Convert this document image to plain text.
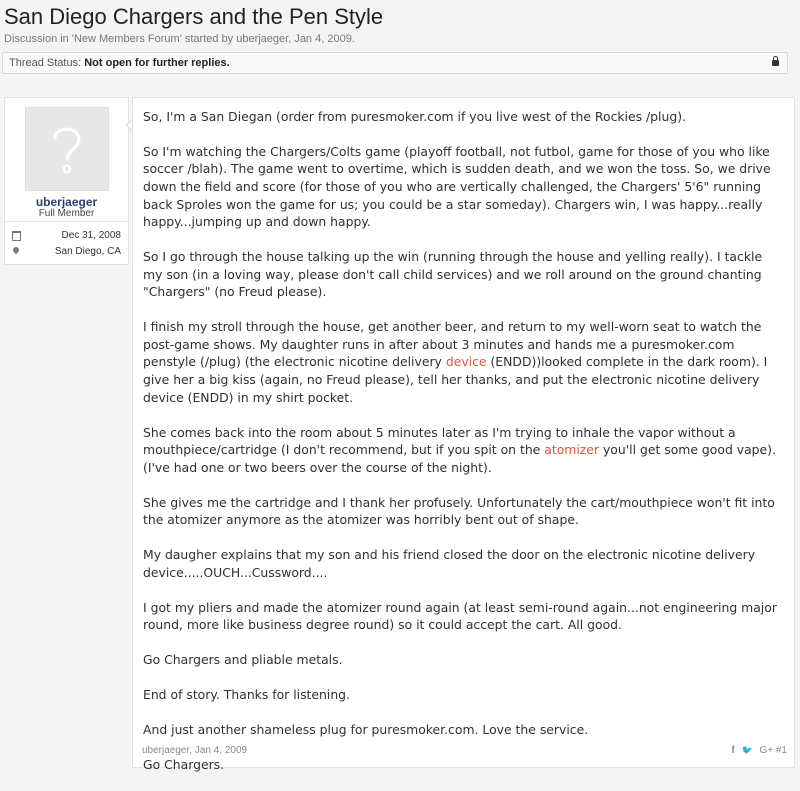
San Diego Chargers and the Pen Style
Discussion in 'New Members Forum' started by uberjaeger, Jan 4, 2009.
Thread Status: Not open for further replies.
uberjaeger
Full Member
Dec 31, 2008
San Diego, CA

So, I'm a San Diegan (order from puresmoker.com if you live west of the Rockies /plug).

So I'm watching the Chargers/Colts game (playoff football, not futbol, game for those of you who like soccer /blah). The game went to overtime, which is sudden death, and we won the toss. So, we drive down the field and score (for those of you who are vertically challenged, the Chargers' 5'6" running back Sproles won the game for us; you could be a star someday). Chargers win, I was happy...really happy...jumping up and down happy.

So I go through the house talking up the win (running through the house and yelling really). I tackle my son (in a loving way, please don't call child services) and we roll around on the ground chanting "Chargers" (no Freud please).

I finish my stroll through the house, get another beer, and return to my well-worn seat to watch the post-game shows. My daughter runs in after about 3 minutes and hands me a puresmoker.com penstyle (/plug) (the electronic nicotine delivery device (ENDD))looked complete in the dark room). I give her a big kiss (again, no Freud please), tell her thanks, and put the electronic nicotine delivery device (ENDD) in my shirt pocket.

She comes back into the room about 5 minutes later as I'm trying to inhale the vapor without a mouthpiece/cartridge (I don't recommend, but if you spit on the atomizer you'll get some good vape). (I've had one or two beers over the course of the night).

She gives me the cartridge and I thank her profusely. Unfortunately the cart/mouthpiece won't fit into the atomizer anymore as the atomizer was horribly bent out of shape.

My daugher explains that my son and his friend closed the door on the electronic nicotine delivery device.....OUCH...Cussword....

I got my pliers and made the atomizer round again (at least semi-round again...not engineering major round, more like business degree round) so it could accept the cart. All good.

Go Chargers and pliable metals.

End of story. Thanks for listening.

And just another shameless plug for puresmoker.com. Love the service.

Go Chargers.

uberjaeger, Jan 4, 2009	f 🐦 G+ #1
